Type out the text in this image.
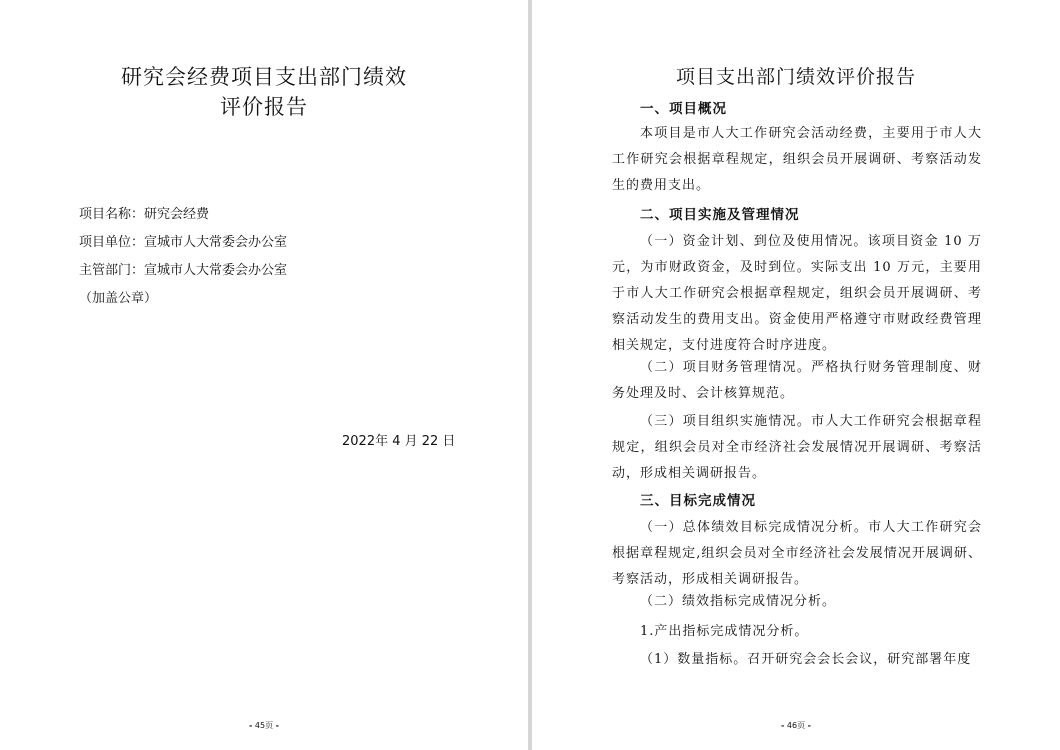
研究会经费项目支出部门绩效
评价报告
项目名称：研究会经费
项目单位：宣城市人大常委会办公室
主管部门：宣城市人大常委会办公室
（加盖公章）
2022年 4 月 22 日
- 45页 -
项目支出部门绩效评价报告
一、项目概况
本项目是市人大工作研究会活动经费，主要用于市人大工作研究会根据章程规定，组织会员开展调研、考察活动发生的费用支出。
二、项目实施及管理情况
（一）资金计划、到位及使用情况。该项目资金 10 万元，为市财政资金，及时到位。实际支出 10 万元，主要用于市人大工作研究会根据章程规定，组织会员开展调研、考察活动发生的费用支出。资金使用严格遵守市财政经费管理相关规定，支付进度符合时序进度。
（二）项目财务管理情况。严格执行财务管理制度、财务处理及时、会计核算规范。
（三）项目组织实施情况。市人大工作研究会根据章程规定，组织会员对全市经济社会发展情况开展调研、考察活动，形成相关调研报告。
三、目标完成情况
（一）总体绩效目标完成情况分析。市人大工作研究会根据章程规定,组织会员对全市经济社会发展情况开展调研、考察活动，形成相关调研报告。
（二）绩效指标完成情况分析。
1.产出指标完成情况分析。
（1）数量指标。召开研究会会长会议，研究部署年度
- 46页 -
